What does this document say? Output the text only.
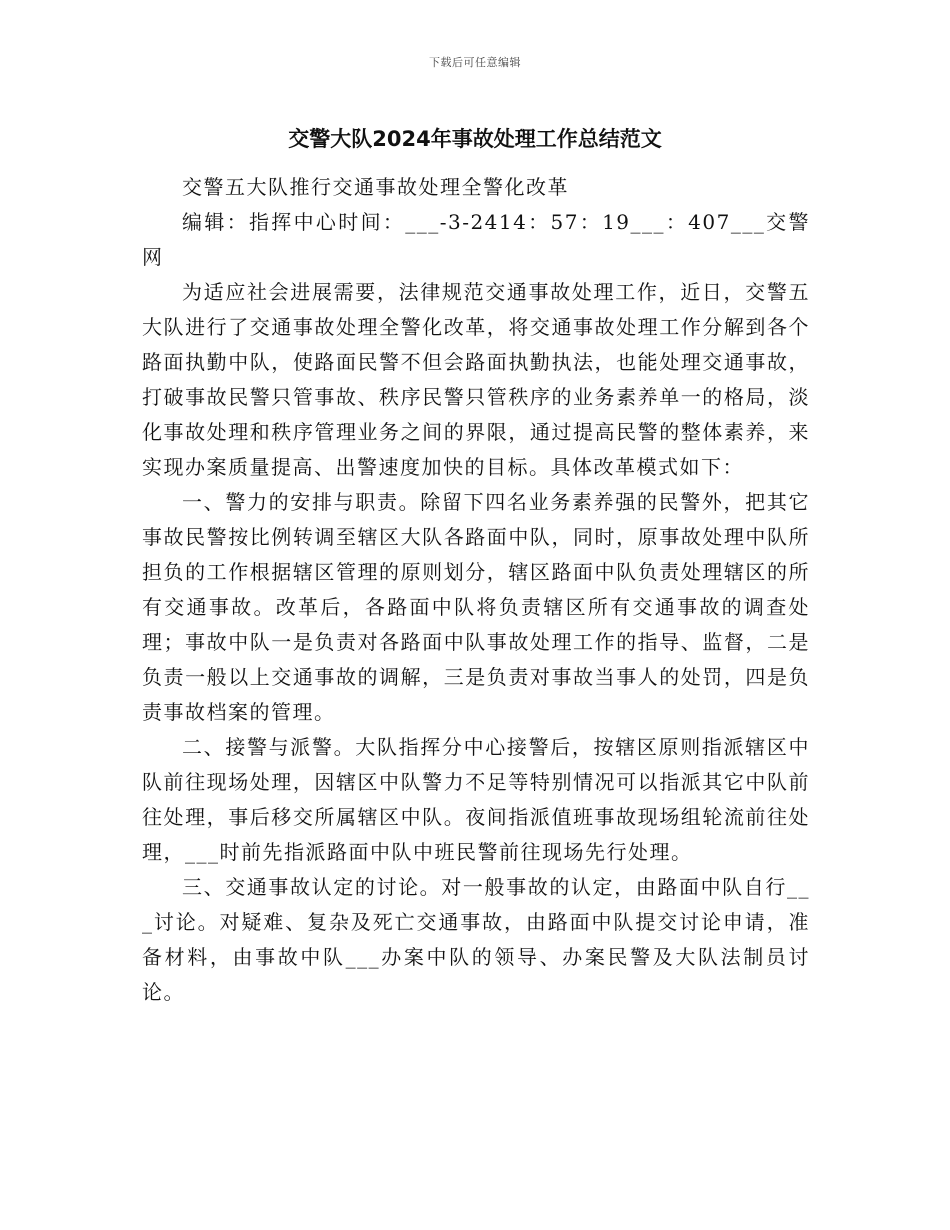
下载后可任意编辑
交警大队2024年事故处理工作总结范文

交警五大队推行交通事故处理全警化改革

编辑：指挥中心时间：___-3-2414：57：19___：407___交警网

为适应社会进展需要，法律规范交通事故处理工作，近日，交警五大队进行了交通事故处理全警化改革，将交通事故处理工作分解到各个路面执勤中队，使路面民警不但会路面执勤执法，也能处理交通事故，打破事故民警只管事故、秩序民警只管秩序的业务素养单一的格局，淡化事故处理和秩序管理业务之间的界限，通过提高民警的整体素养，来实现办案质量提高、出警速度加快的目标。具体改革模式如下：

一、警力的安排与职责。除留下四名业务素养强的民警外，把其它事故民警按比例转调至辖区大队各路面中队，同时，原事故处理中队所担负的工作根据辖区管理的原则划分，辖区路面中队负责处理辖区的所有交通事故。改革后，各路面中队将负责辖区所有交通事故的调查处理；事故中队一是负责对各路面中队事故处理工作的指导、监督，二是负责一般以上交通事故的调解，三是负责对事故当事人的处罚，四是负责事故档案的管理。

二、接警与派警。大队指挥分中心接警后，按辖区原则指派辖区中队前往现场处理，因辖区中队警力不足等特别情况可以指派其它中队前往处理，事后移交所属辖区中队。夜间指派值班事故现场组轮流前往处理，___时前先指派路面中队中班民警前往现场先行处理。

三、交通事故认定的讨论。对一般事故的认定，由路面中队自行___讨论。对疑难、复杂及死亡交通事故，由路面中队提交讨论申请，准备材料，由事故中队___办案中队的领导、办案民警及大队法制员讨论。
